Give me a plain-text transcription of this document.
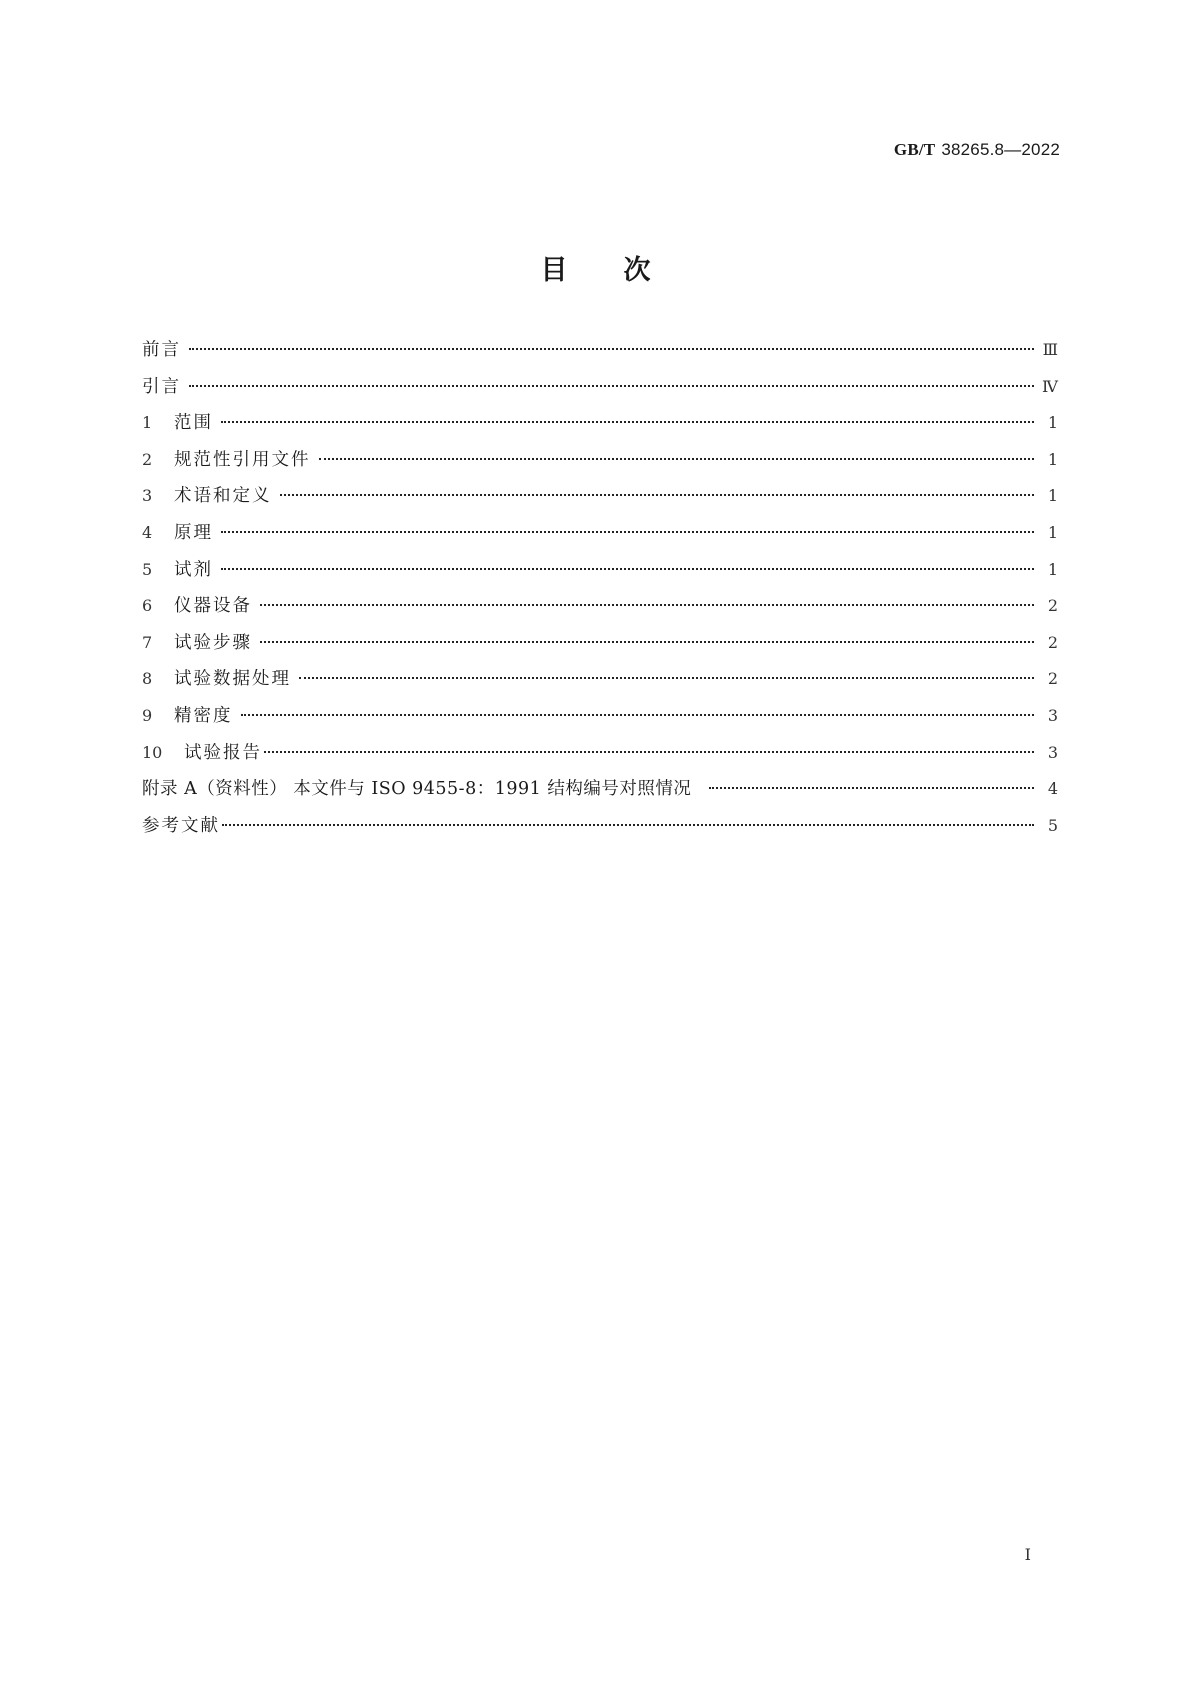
GB/T 38265.8—2022
目次
前言	Ⅲ
引言	Ⅳ
1	范围	1
2	规范性引用文件	1
3	术语和定义	1
4	原理	1
5	试剂	1
6	仪器设备	2
7	试验步骤	2
8	试验数据处理	2
9	精密度	3
10	试验报告	3
附录 A（资料性） 本文件与 ISO 9455-8：1991 结构编号对照情况	4
参考文献	5
I
